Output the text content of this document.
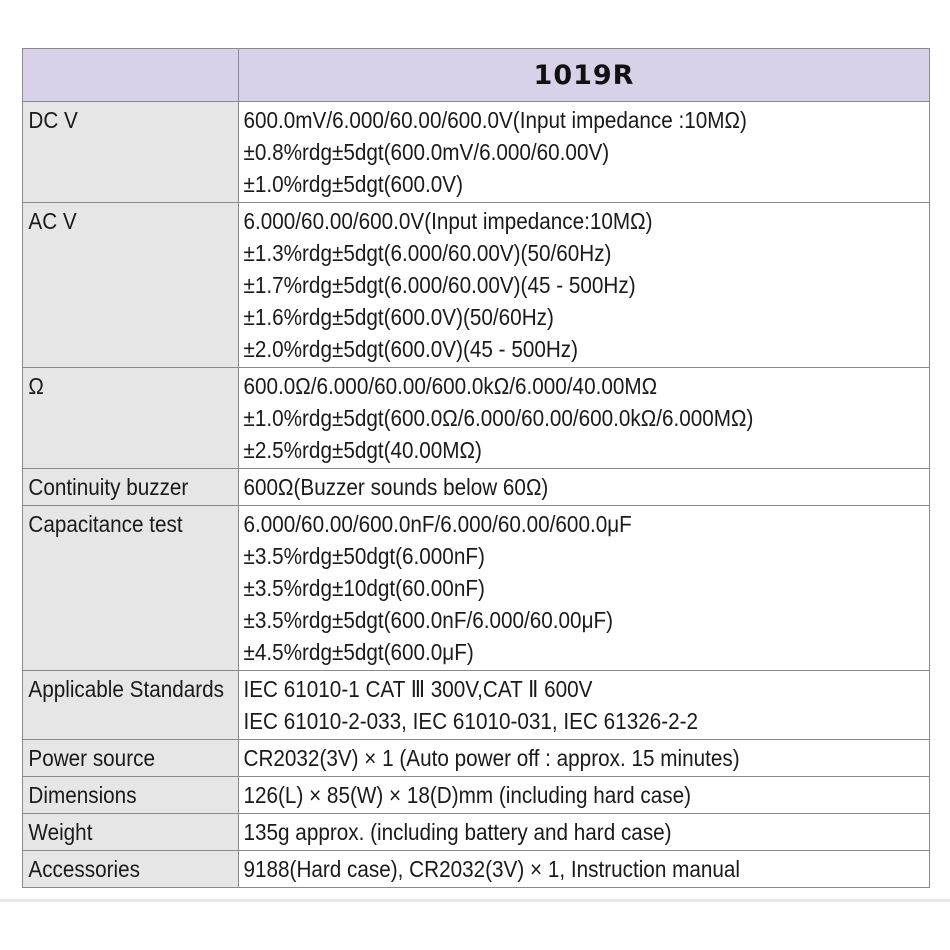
	1019R

DC V	600.0mV/6.000/60.00/600.0V(Input impedance :10MΩ)
±0.8%rdg±5dgt(600.0mV/6.000/60.00V)
±1.0%rdg±5dgt(600.0V)

AC V	6.000/60.00/600.0V(Input impedance:10MΩ)
±1.3%rdg±5dgt(6.000/60.00V)(50/60Hz)
±1.7%rdg±5dgt(6.000/60.00V)(45 - 500Hz)
±1.6%rdg±5dgt(600.0V)(50/60Hz)
±2.0%rdg±5dgt(600.0V)(45 - 500Hz)

Ω	600.0Ω/6.000/60.00/600.0kΩ/6.000/40.00MΩ
±1.0%rdg±5dgt(600.0Ω/6.000/60.00/600.0kΩ/6.000MΩ)
±2.5%rdg±5dgt(40.00MΩ)

Continuity buzzer	600Ω(Buzzer sounds below 60Ω)

Capacitance test	6.000/60.00/600.0nF/6.000/60.00/600.0μF
±3.5%rdg±50dgt(6.000nF)
±3.5%rdg±10dgt(60.00nF)
±3.5%rdg±5dgt(600.0nF/6.000/60.00μF)
±4.5%rdg±5dgt(600.0μF)

Applicable Standards	IEC 61010-1 CAT Ⅲ 300V,CAT Ⅱ 600V
IEC 61010-2-033, IEC 61010-031, IEC 61326-2-2

Power source	CR2032(3V) × 1 (Auto power off : approx. 15 minutes)

Dimensions	126(L) × 85(W) × 18(D)mm (including hard case)

Weight	135g approx. (including battery and hard case)

Accessories	9188(Hard case), CR2032(3V) × 1, Instruction manual
